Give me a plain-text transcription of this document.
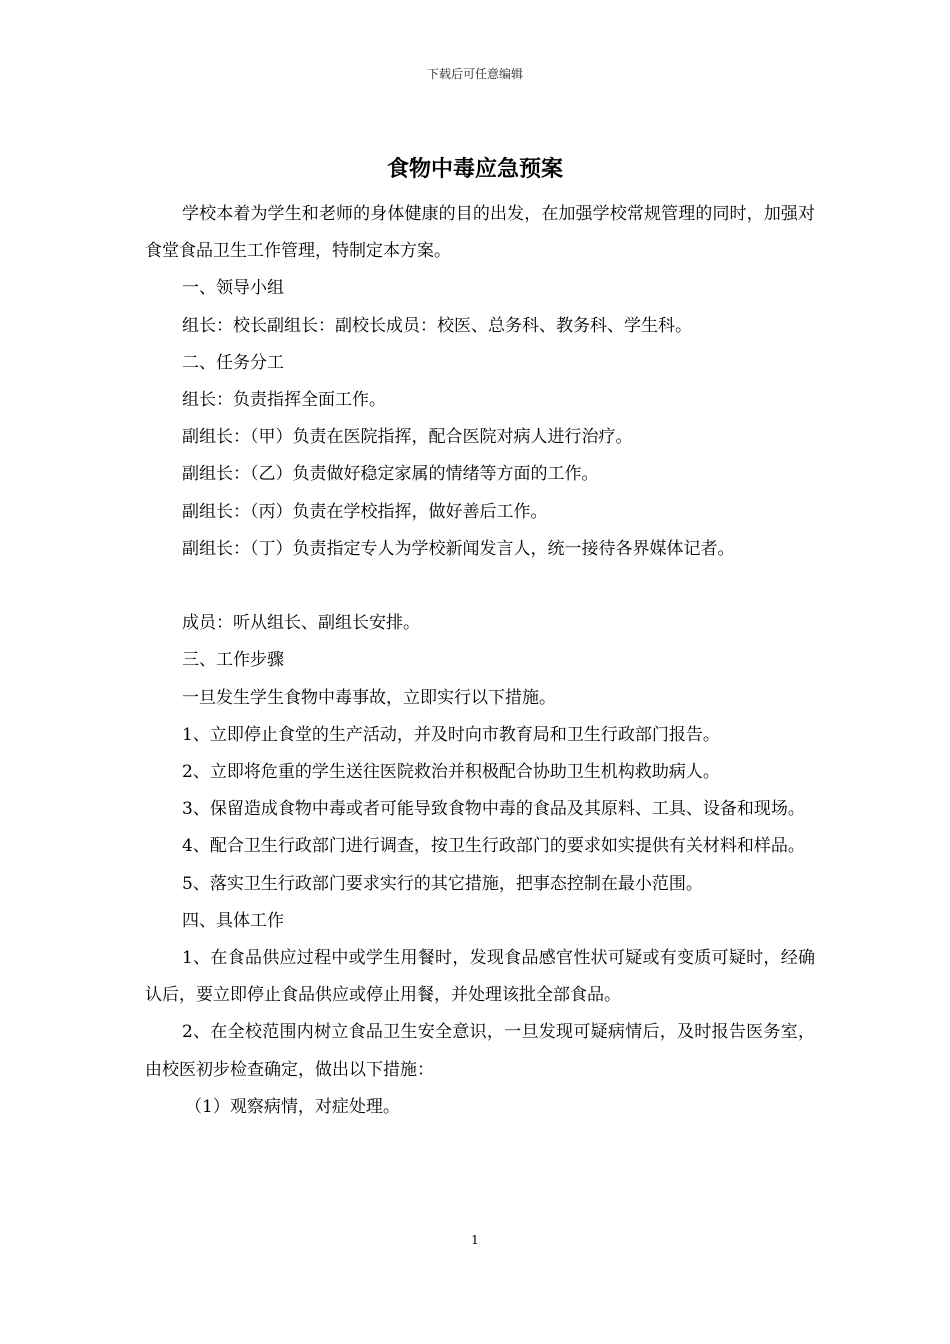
下载后可任意编辑
食物中毒应急预案

学校本着为学生和老师的身体健康的目的出发，在加强学校常规管理的同时，加强对食堂食品卫生工作管理，特制定本方案。

一、领导小组

组长：校长副组长：副校长成员：校医、总务科、教务科、学生科。

二、任务分工

组长：负责指挥全面工作。

副组长：（甲）负责在医院指挥，配合医院对病人进行治疗。

副组长：（乙）负责做好稳定家属的情绪等方面的工作。

副组长：（丙）负责在学校指挥，做好善后工作。

副组长：（丁）负责指定专人为学校新闻发言人，统一接待各界媒体记者。

成员：听从组长、副组长安排。

三、工作步骤

一旦发生学生食物中毒事故，立即实行以下措施。

1、立即停止食堂的生产活动，并及时向市教育局和卫生行政部门报告。

2、立即将危重的学生送往医院救治并积极配合协助卫生机构救助病人。

3、保留造成食物中毒或者可能导致食物中毒的食品及其原料、工具、设备和现场。

4、配合卫生行政部门进行调查，按卫生行政部门的要求如实提供有关材料和样品。

5、落实卫生行政部门要求实行的其它措施，把事态控制在最小范围。

四、具体工作

1、在食品供应过程中或学生用餐时，发现食品感官性状可疑或有变质可疑时，经确认后，要立即停止食品供应或停止用餐，并处理该批全部食品。

2、在全校范围内树立食品卫生安全意识，一旦发现可疑病情后，及时报告医务室，由校医初步检查确定，做出以下措施：

（1）观察病情，对症处理。

1
